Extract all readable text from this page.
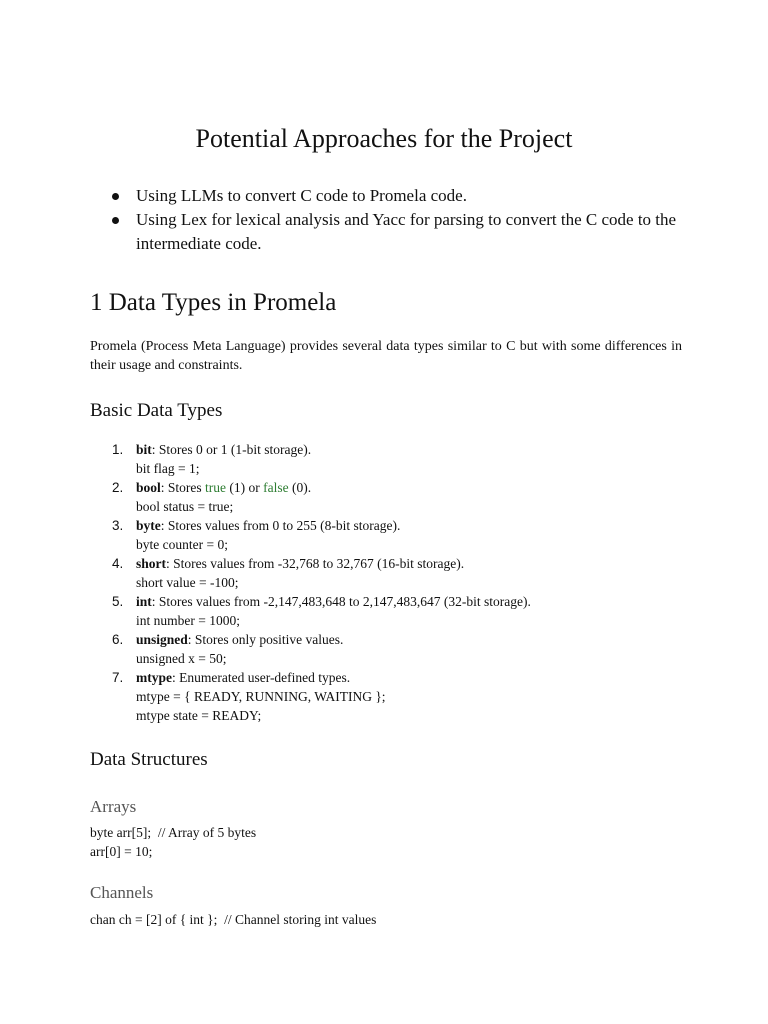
Potential Approaches for the Project
Using LLMs to convert C code to Promela code.
Using Lex for lexical analysis and Yacc for parsing to convert the C code to the intermediate code.
1 Data Types in Promela

Promela (Process Meta Language) provides several data types similar to C but with some differences in their usage and constraints.

Basic Data Types
1. bit: Stores 0 or 1 (1-bit storage).
bit flag = 1;
2. bool: Stores true (1) or false (0).
bool status = true;
3. byte: Stores values from 0 to 255 (8-bit storage).
byte counter = 0;
4. short: Stores values from -32,768 to 32,767 (16-bit storage).
short value = -100;
5. int: Stores values from -2,147,483,648 to 2,147,483,647 (32-bit storage).
int number = 1000;
6. unsigned: Stores only positive values.
unsigned x = 50;
7. mtype: Enumerated user-defined types.
mtype = { READY, RUNNING, WAITING };
mtype state = READY;
Data Structures
Arrays
byte arr[5];  // Array of 5 bytes
arr[0] = 10;
Channels
chan ch = [2] of { int };  // Channel storing int values
